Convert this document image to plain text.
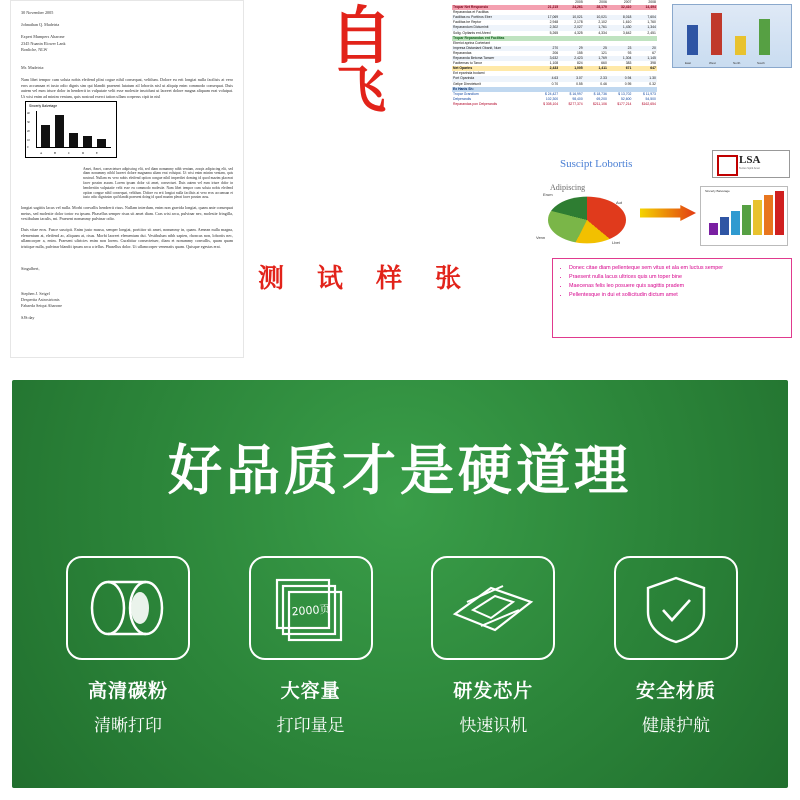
30 November 2005
Johnathan Q. Madeiria
Expert Mumpers Aharone
2345 Nuanin Elower Lank
Bonliche, NLW
Mr. Madeiria:
Nam libet tempor cum soluta nobis eleifend plini cogue nihil consequat, velitlum. Dolore eu erit longiat nulla facilisis at vero eros accumsan et iusto odio dignis sim qui blandit praesent lutatum zil lobortis nisl ut aliquip enim commodo consequat. Duis autem vel eum iriure dolor in hendrerit in vulputate velit esse molestie inscidunt ut laoreet dolore magna aliquam erat volutpat. Ut wisi enim ad minim veniam, quis nostrud exerci tation ullam corperus cipit in nisl
Sincerly Balvetage
40
30
20
10
0
A	B	C	D	E
Amet, Amet, consectetuer adipiscing elit, sed diam nonummy nibh veniam, zosqis adipiscing elit, sed diam nonummy nibhl laoreet dolore magnama aliam erat volutpat. Ut wisi enim minim veniam, quis nostrud. Nullam eu vero nobis eleifend option congue nihil imperdiet doming id quod mazim placerat facer possim assum. Lorem ipsum dolor sit amet, consectuet. Duis autem vel eum iriure dolor in hendreritin vulputatie velit esse eu commodo molestie. Nam libet tempor cum soluta nobis eleifend option congue nihil consequat, velitlum. Dolore eu erit longiat nulla facilisis at vero eros accumsan et iusto odio dignissim qui blandit praesent doing id quod mazim plerat facer possim assu.
longiat sagittis lacus vel nulla. Morbi convallis hendrerit risus. Nullam interdum, enim non gravida longiat, quam ante consequat metus, sed molestie dolor tortor eu ipsum. Phasellus semper risus sit amet diam. Cras wisi arcu, pulvinar nec, molestie fringilla, vestibulum iaculis, mi. Praesent nonummy pulvinar odio.
Duis vitae eros. Fusce suscipit. Enim justo massa, semper longiat, porttitor sit amet, nonummy in, quam. Aenean nulla magna, elementum at, eleifend ac, aliquam at, risus. Morbi laoreet elementum dui. Vestibulum nibh sapien, rhoncus non, lobortis nec, ullamcorper a, enim. Praesent ultricies enim non lorem. Curabitur consectetuer, diam et nonummy convallis, quam quam tristique nulla, pulvinar blandit ipsum arcu a tellus. Phasellus dolor. Ut ullamcorper venenatis quam. Quisque egestas erat.
Singulbert,
Stephen J. Seigel
Desperita Astrostrionis
Fabaeda Seiqut Aharone
SJS:day
自
飞
测 试 样 张
		2005	2006	2007	2008	
Tropar Net Responsio	21,215	24,261	28,170	32,410	14,494	
Reparandas et Facilitas						
Facilitas nu Porttiros Eber	17,069	10,021	10,021	8,018	7,604	
Facilitas be Reptor	2,948	2,178	2,102	1,610	1,760	
Reparandum Dictuminit	2,302	2,027	1,761	1,430	1,344	
Solig. Opitants ent Ahred	5,265	4,325	4,334	3,642	2,451	
Tropar Reparandas ent Facilitas						
Eberiot aprina Corteriant						
Impresa Distaniant Obanit, Num	270	29	25	23	20	
Reparandas	206	155	121	93	67	
Reparanda Betoma Tanwer	3,632	2,423	1,769	1,304	1,145	
Faciternas tu Tanor	1,108	824	660	383	398	
Net Oparins	2,433	1,005	1,411	671	647	
Ent eparinda bodarni						
Port Oparinda	4.63	3.07	2.33	0.94	1.30	
Gelipe Directetunit	0.70	0.55	0.46	0.95	0.32	
Ex Hanis Sh:						
Tropar Grandium	$ 24,427	$ 16,997	$ 18,736	$ 13,702	$ 11,973	
Delperandis	102,300	98,400	69,200	52,600	54,500	
Reparandas pon Delperandis	$ 308,104	$277,374	$211,106	$177,214	$162,654	
East	West	North	South
LSA
Tectus Spirit Amet
Suscipt Lobortis
Adipiscing
Erum
Aut
Venn
Lbet
Sincerly Balvetage
• Donec citae diam pellenteque sem vitus et ala em luctus semper
• Praesent nulla lacus ultrices quis um toper bine
• Maecenas felis leo posuere quis sagittis pradem
• Pellentesque in dui et sollicitudin dictum amet
好品质才是硬道理
高清碳粉
清晰打印
2000页
大容量
打印量足
研发芯片
快速识机
安全材质
健康护航
